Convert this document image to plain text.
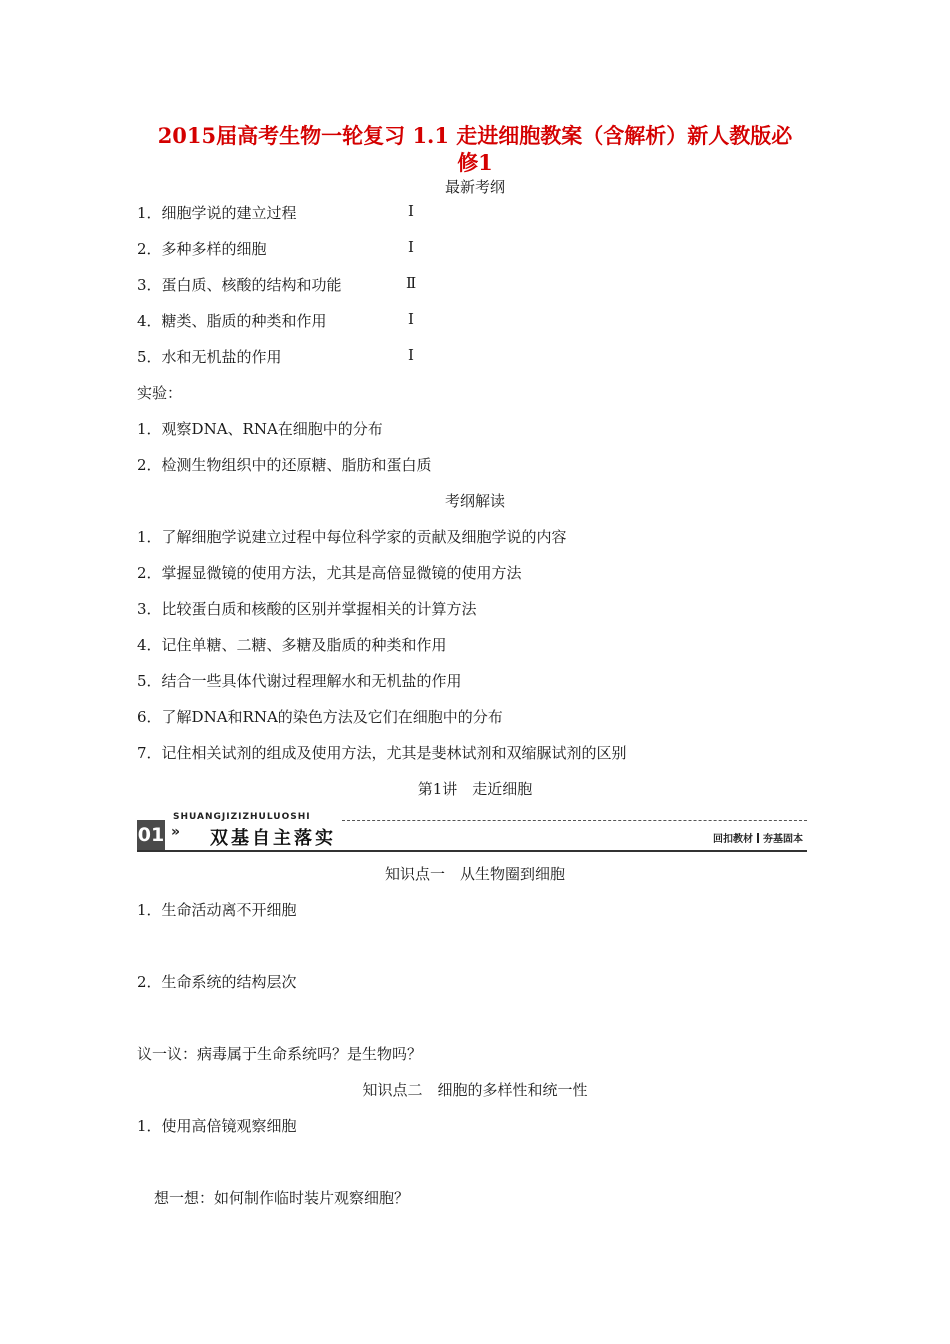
2015届高考生物一轮复习 1.1 走进细胞教案（含解析）新人教版必
修1
最新考纲
1．细胞学说的建立过程	Ⅰ
2．多种多样的细胞	Ⅰ
3．蛋白质、核酸的结构和功能	Ⅱ
4．糖类、脂质的种类和作用	Ⅰ
5．水和无机盐的作用	Ⅰ
实验：
1．观察DNA、RNA在细胞中的分布
2．检测生物组织中的还原糖、脂肪和蛋白质
考纲解读
1．了解细胞学说建立过程中每位科学家的贡献及细胞学说的内容
2．掌握显微镜的使用方法，尤其是高倍显微镜的使用方法
3．比较蛋白质和核酸的区别并掌握相关的计算方法
4．记住单糖、二糖、多糖及脂质的种类和作用
5．结合一些具体代谢过程理解水和无机盐的作用
6．了解DNA和RNA的染色方法及它们在细胞中的分布
7．记住相关试剂的组成及使用方法，尤其是斐林试剂和双缩脲试剂的区别
第1讲　走近细胞
SHUANGJIZIZHULUOSHI
01 » 双基自主落实	回扣教材 夯基固本
知识点一　从生物圈到细胞
1．生命活动离不开细胞
2．生命系统的结构层次
议一议：病毒属于生命系统吗？是生物吗？
知识点二　细胞的多样性和统一性
1．使用高倍镜观察细胞
想一想：如何制作临时装片观察细胞？
